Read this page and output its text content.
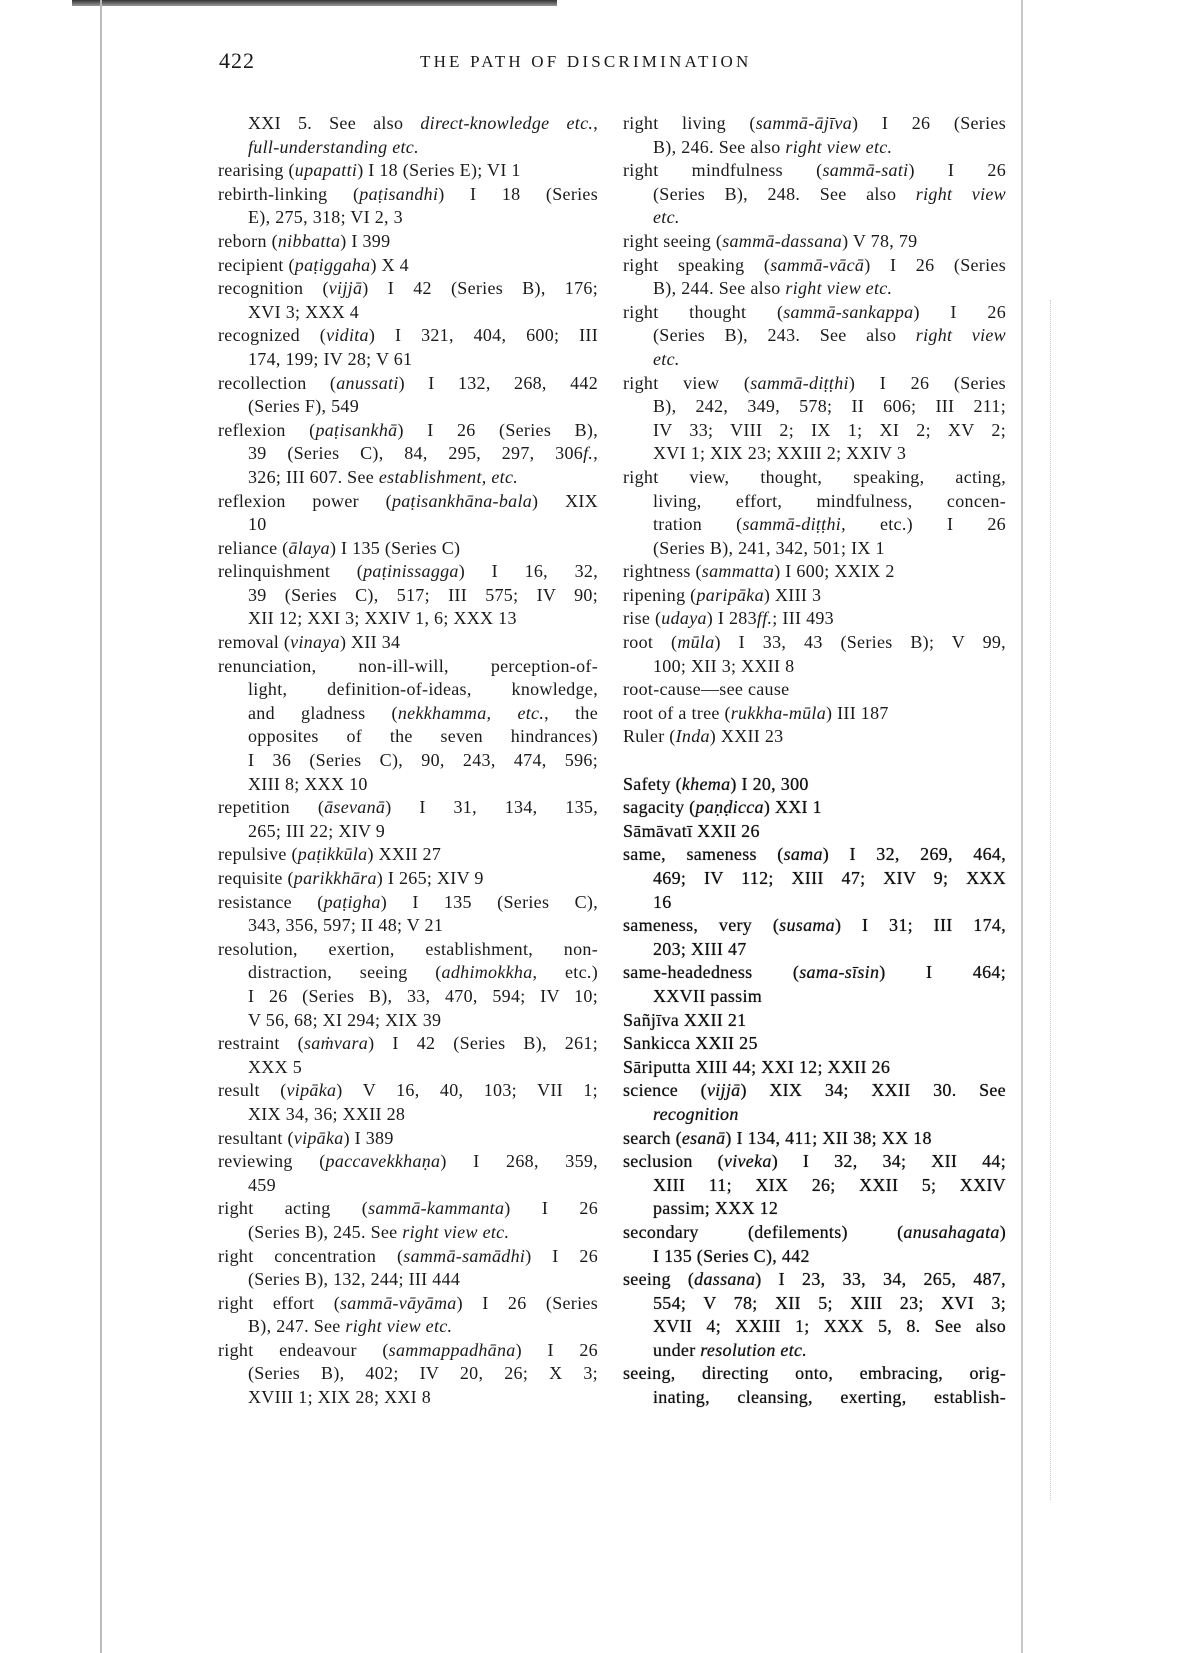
422	THE PATH OF DISCRIMINATION
XXI 5. See also direct-knowledge etc.,
full-understanding etc.
rearising (upapatti) I 18 (Series E); VI 1
rebirth-linking (paṭisandhi) I 18 (Series
E), 275, 318; VI 2, 3
reborn (nibbatta) I 399
recipient (paṭiggaha) X 4
recognition (vijjā) I 42 (Series B), 176;
XVI 3; XXX 4
recognized (vidita) I 321, 404, 600; III
174, 199; IV 28; V 61
recollection (anussati) I 132, 268, 442
(Series F), 549
reflexion (paṭisankhā) I 26 (Series B),
39 (Series C), 84, 295, 297, 306f.,
326; III 607. See establishment, etc.
reflexion power (paṭisankhāna-bala) XIX
10
reliance (ālaya) I 135 (Series C)
relinquishment (paṭinissagga) I 16, 32,
39 (Series C), 517; III 575; IV 90;
XII 12; XXI 3; XXIV 1, 6; XXX 13
removal (vinaya) XII 34
renunciation, non-ill-will, perception-of-
light, definition-of-ideas, knowledge,
and gladness (nekkhamma, etc., the
opposites of the seven hindrances)
I 36 (Series C), 90, 243, 474, 596;
XIII 8; XXX 10
repetition (āsevanā) I 31, 134, 135,
265; III 22; XIV 9
repulsive (paṭikkūla) XXII 27
requisite (parikkhāra) I 265; XIV 9
resistance (paṭigha) I 135 (Series C),
343, 356, 597; II 48; V 21
resolution, exertion, establishment, non-
distraction, seeing (adhimokkha, etc.)
I 26 (Series B), 33, 470, 594; IV 10;
V 56, 68; XI 294; XIX 39
restraint (saṁvara) I 42 (Series B), 261;
XXX 5
result (vipāka) V 16, 40, 103; VII 1;
XIX 34, 36; XXII 28
resultant (vipāka) I 389
reviewing (paccavekkhaṇa) I 268, 359,
459
right acting (sammā-kammanta) I 26
(Series B), 245. See right view etc.
right concentration (sammā-samādhi) I 26
(Series B), 132, 244; III 444
right effort (sammā-vāyāma) I 26 (Series
B), 247. See right view etc.
right endeavour (sammappadhāna) I 26
(Series B), 402; IV 20, 26; X 3;
XVIII 1; XIX 28; XXI 8
right living (sammā-ājīva) I 26 (Series
B), 246. See also right view etc.
right mindfulness (sammā-sati) I 26
(Series B), 248. See also right view
etc.
right seeing (sammā-dassana) V 78, 79
right speaking (sammā-vācā) I 26 (Series
B), 244. See also right view etc.
right thought (sammā-sankappa) I 26
(Series B), 243. See also right view
etc.
right view (sammā-diṭṭhi) I 26 (Series
B), 242, 349, 578; II 606; III 211;
IV 33; VIII 2; IX 1; XI 2; XV 2;
XVI 1; XIX 23; XXIII 2; XXIV 3
right view, thought, speaking, acting,
living, effort, mindfulness, concen-
tration (sammā-diṭṭhi, etc.) I 26
(Series B), 241, 342, 501; IX 1
rightness (sammatta) I 600; XXIX 2
ripening (paripāka) XIII 3
rise (udaya) I 283ff.; III 493
root (mūla) I 33, 43 (Series B); V 99,
100; XII 3; XXII 8
root-cause—see cause
root of a tree (rukkha-mūla) III 187
Ruler (Inda) XXII 23
Safety (khema) I 20, 300
sagacity (paṇḍicca) XXI 1
Sāmāvatī XXII 26
same, sameness (sama) I 32, 269, 464,
469; IV 112; XIII 47; XIV 9; XXX
16
sameness, very (susama) I 31; III 174,
203; XIII 47
same-headedness (sama-sīsin) I 464;
XXVII passim
Sañjīva XXII 21
Sankicca XXII 25
Sāriputta XIII 44; XXI 12; XXII 26
science (vijjā) XIX 34; XXII 30. See
recognition
search (esanā) I 134, 411; XII 38; XX 18
seclusion (viveka) I 32, 34; XII 44;
XIII 11; XIX 26; XXII 5; XXIV
passim; XXX 12
secondary (defilements) (anusahagata)
I 135 (Series C), 442
seeing (dassana) I 23, 33, 34, 265, 487,
554; V 78; XII 5; XIII 23; XVI 3;
XVII 4; XXIII 1; XXX 5, 8. See also
under resolution etc.
seeing, directing onto, embracing, orig-
inating, cleansing, exerting, establish-
